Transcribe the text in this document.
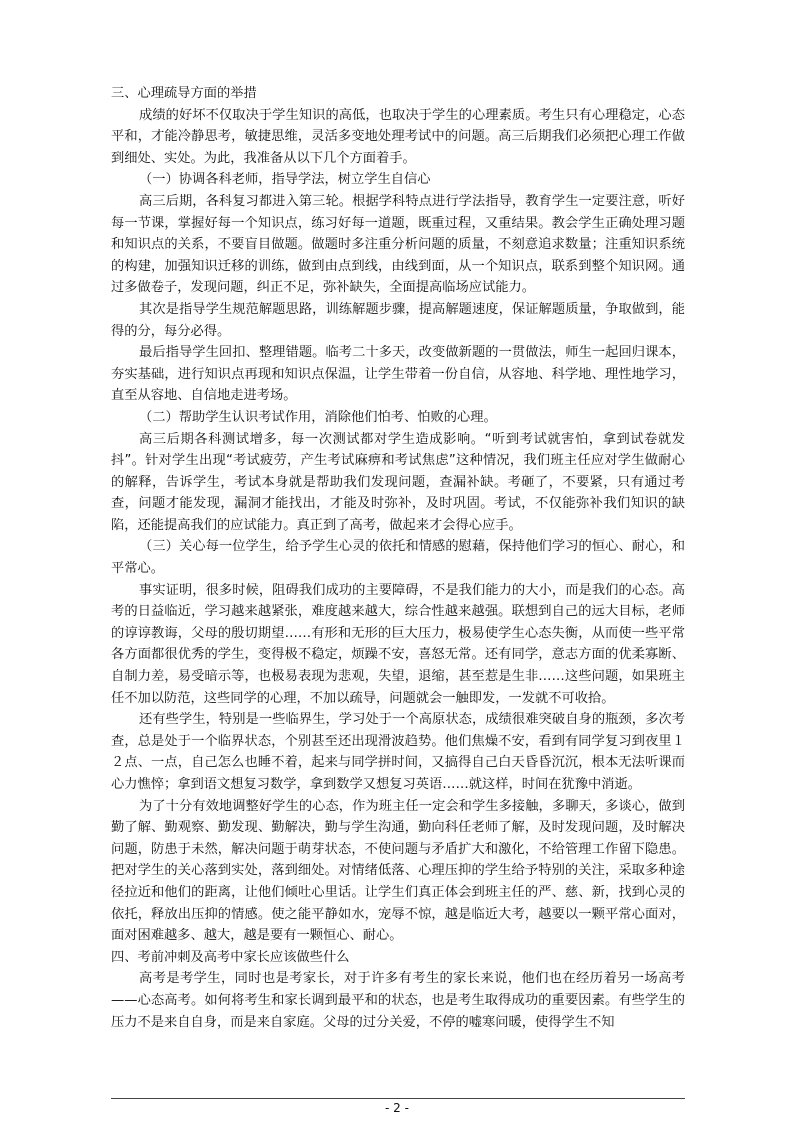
三、心理疏导方面的举措

成绩的好坏不仅取决于学生知识的高低，也取决于学生的心理素质。考生只有心理稳定，心态平和，才能冷静思考，敏捷思维，灵活多变地处理考试中的问题。高三后期我们必须把心理工作做到细处、实处。为此，我准备从以下几个方面着手。

（一）协调各科老师，指导学法，树立学生自信心

高三后期，各科复习都进入第三轮。根据学科特点进行学法指导，教育学生一定要注意，听好每一节课，掌握好每一个知识点，练习好每一道题，既重过程，又重结果。教会学生正确处理习题和知识点的关系，不要盲目做题。做题时多注重分析问题的质量，不刻意追求数量；注重知识系统的构建，加强知识迁移的训练，做到由点到线，由线到面，从一个知识点，联系到整个知识网。通过多做卷子，发现问题，纠正不足，弥补缺失，全面提高临场应试能力。

其次是指导学生规范解题思路，训练解题步骤，提高解题速度，保证解题质量，争取做到，能得的分，每分必得。

最后指导学生回扣、整理错题。临考二十多天，改变做新题的一贯做法，师生一起回归课本，夯实基础，进行知识点再现和知识点保温，让学生带着一份自信，从容地、科学地、理性地学习，直至从容地、自信地走进考场。

（二）帮助学生认识考试作用，消除他们怕考、怕败的心理。

高三后期各科测试增多，每一次测试都对学生造成影响。“听到考试就害怕，拿到试卷就发抖”。针对学生出现“考试疲劳，产生考试麻痹和考试焦虑”这种情况，我们班主任应对学生做耐心的解释，告诉学生，考试本身就是帮助我们发现问题，查漏补缺。考砸了，不要紧，只有通过考查，问题才能发现，漏洞才能找出，才能及时弥补，及时巩固。考试，不仅能弥补我们知识的缺陷，还能提高我们的应试能力。真正到了高考，做起来才会得心应手。

（三）关心每一位学生，给予学生心灵的依托和情感的慰藉，保持他们学习的恒心、耐心，和平常心。

事实证明，很多时候，阻碍我们成功的主要障碍，不是我们能力的大小，而是我们的心态。高考的日益临近，学习越来越紧张，难度越来越大，综合性越来越强。联想到自己的远大目标，老师的谆谆教诲，父母的殷切期望……有形和无形的巨大压力，极易使学生心态失衡，从而使一些平常各方面都很优秀的学生，变得极不稳定，烦躁不安，喜怒无常。还有同学，意志方面的优柔寡断、自制力差，易受暗示等，也极易表现为悲观，失望，退缩，甚至惹是生非……这些问题，如果班主任不加以防范，这些同学的心理，不加以疏导，问题就会一触即发，一发就不可收拾。

还有些学生，特别是一些临界生，学习处于一个高原状态，成绩很难突破自身的瓶颈，多次考查，总是处于一个临界状态，个别甚至还出现滑波趋势。他们焦燥不安，看到有同学复习到夜里１２点、一点，自己怎么也睡不着，起来与同学拼时间，又搞得自己白天昏昏沉沉，根本无法听课而心力憔悴；拿到语文想复习数学，拿到数学又想复习英语……就这样，时间在犹豫中消逝。

为了十分有效地调整好学生的心态，作为班主任一定会和学生多接触，多聊天，多谈心，做到勤了解、勤观察、勤发现、勤解决，勤与学生沟通，勤向科任老师了解，及时发现问题，及时解决问题，防患于未然，解决问题于萌芽状态，不使问题与矛盾扩大和激化，不给管理工作留下隐患。把对学生的关心落到实处，落到细处。对情绪低落、心理压抑的学生给予特别的关注，采取多种途径拉近和他们的距离，让他们倾吐心里话。让学生们真正体会到班主任的严、慈、新，找到心灵的依托，释放出压抑的情感。使之能平静如水，宠辱不惊，越是临近大考，越要以一颗平常心面对，面对困难越多、越大，越是要有一颗恒心、耐心。

四、考前冲刺及高考中家长应该做些什么

高考是考学生，同时也是考家长，对于许多有考生的家长来说，他们也在经历着另一场高考——心态高考。如何将考生和家长调到最平和的状态，也是考生取得成功的重要因素。有些学生的压力不是来自自身，而是来自家庭。父母的过分关爱，不停的嘘寒问暖，使得学生不知

- 2 -
